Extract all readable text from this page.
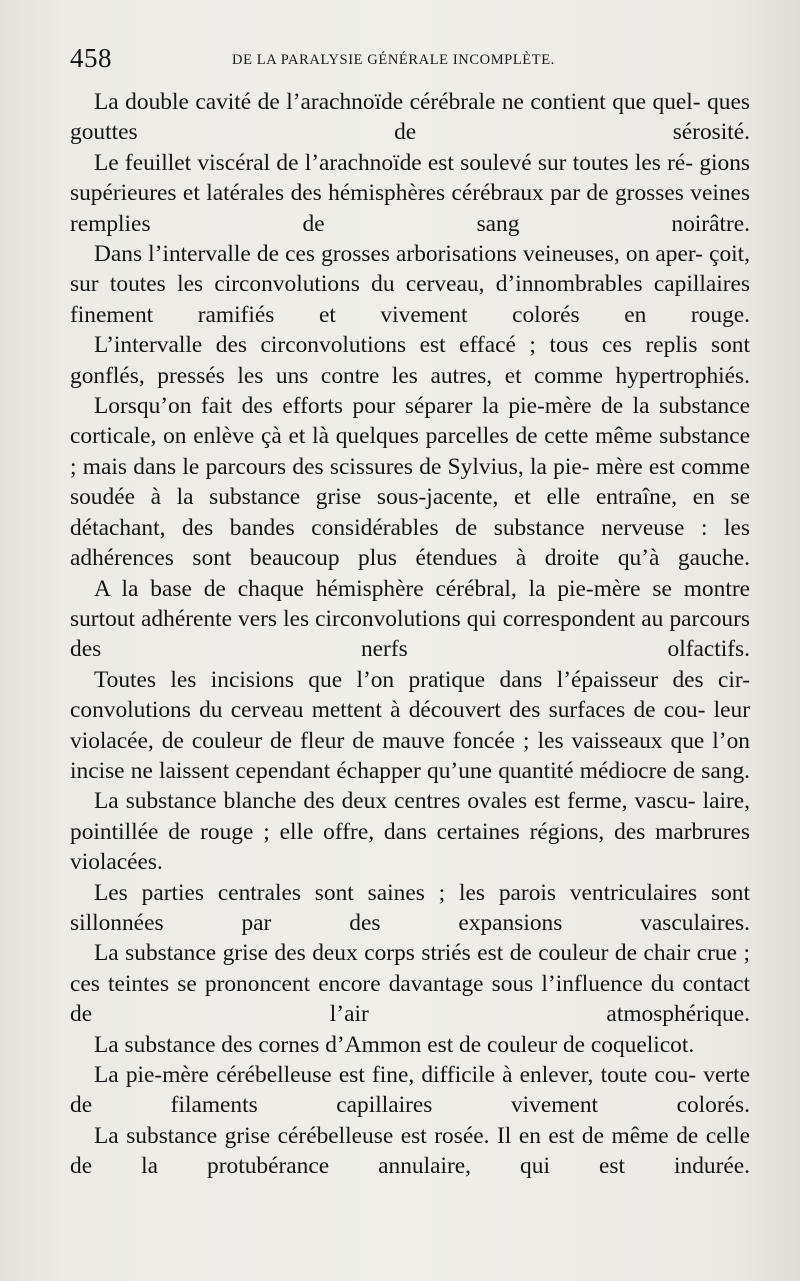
458	DE LA PARALYSIE GÉNÉRALE INCOMPLÈTE.

La double cavité de l’arachnoïde cérébrale ne contient que quel- ques gouttes de sérosité.

Le feuillet viscéral de l’arachnoïde est soulevé sur toutes les ré- gions supérieures et latérales des hémisphères cérébraux par de grosses veines remplies de sang noirâtre.

Dans l’intervalle de ces grosses arborisations veineuses, on aper- çoit, sur toutes les circonvolutions du cerveau, d’innombrables capillaires finement ramifiés et vivement colorés en rouge.

L’intervalle des circonvolutions est effacé ; tous ces replis sont gonflés, pressés les uns contre les autres, et comme hypertrophiés.

Lorsqu’on fait des efforts pour séparer la pie-mère de la substance corticale, on enlève çà et là quelques parcelles de cette même substance ; mais dans le parcours des scissures de Sylvius, la pie- mère est comme soudée à la substance grise sous-jacente, et elle entraîne, en se détachant, des bandes considérables de substance nerveuse : les adhérences sont beaucoup plus étendues à droite qu’à gauche.

A la base de chaque hémisphère cérébral, la pie-mère se montre surtout adhérente vers les circonvolutions qui correspondent au parcours des nerfs olfactifs.

Toutes les incisions que l’on pratique dans l’épaisseur des cir- convolutions du cerveau mettent à découvert des surfaces de cou- leur violacée, de couleur de fleur de mauve foncée ; les vaisseaux que l’on incise ne laissent cependant échapper qu’une quantité médiocre de sang.

La substance blanche des deux centres ovales est ferme, vascu- laire, pointillée de rouge ; elle offre, dans certaines régions, des marbrures violacées.

Les parties centrales sont saines ; les parois ventriculaires sont sillonnées par des expansions vasculaires.

La substance grise des deux corps striés est de couleur de chair crue ; ces teintes se prononcent encore davantage sous l’influence du contact de l’air atmosphérique.

La substance des cornes d’Ammon est de couleur de coquelicot.

La pie-mère cérébelleuse est fine, difficile à enlever, toute cou- verte de filaments capillaires vivement colorés.

La substance grise cérébelleuse est rosée. Il en est de même de celle de la protubérance annulaire, qui est indurée.
